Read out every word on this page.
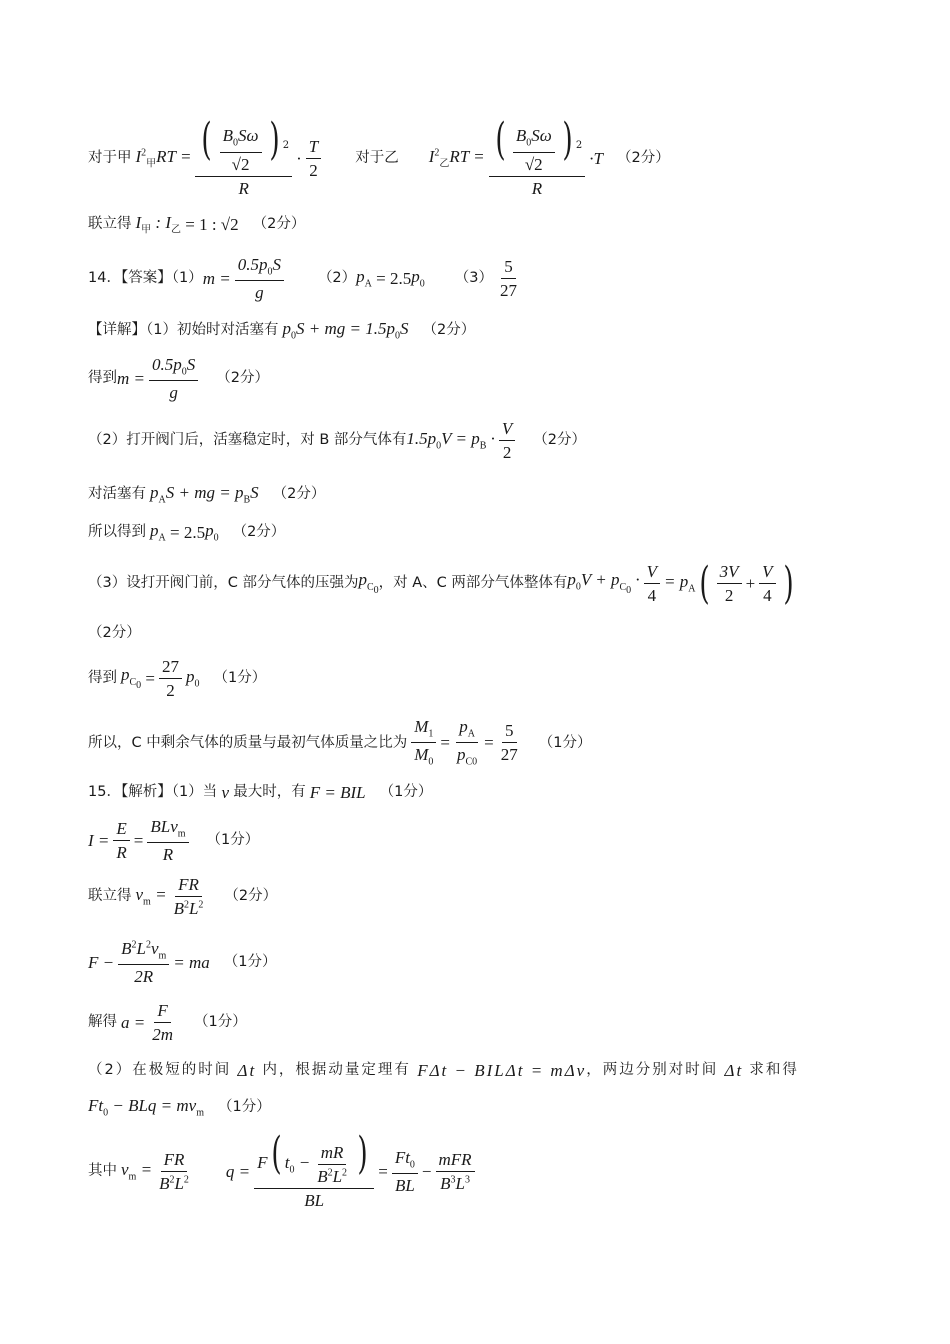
对于甲 $I^2_甲RT = \frac{( \frac{B_0S\omega}{√2} ) ^2}{R} \cdot \frac{T}{2}$ 对于乙 $I^2_乙RT = \frac{( \frac{B_0S\omega}{√2} ) ^2}{R} \cdot T$ （2分）
联立得 $I_甲$ : $I_乙 = 1$ : √2 （2分）
14．【答案】（1） $m = \frac{0.5p_0S}{g} (2) p_A = 2.5$ $p_0$ $(3) \frac{5}{27}$
【详解】（1）初始时对活塞有 $p_0S$ + mg = $1.5p_0S$ （2分）
得到 $m = \frac{0.5p_0S}{g} (2$分）
（2）打开阀门后，活塞稳定时，对 B 部分气体有 $1.5p_0V = p_B \cdot \frac{V}{2} (2$分）
对活塞有 $p_AS$ + mg = $p_BS$ （2分）
所以得到 $p_A = 2.5$ $p_0$ （2分）
（3）设打开阀门前，C 部分气体的压强为 $p_{C_0}$ ，对 A、C 两部分气体整体有 $p_0V + p_{C_0} \cdot \frac{V}{4} = p_A$ ( $\frac{3V}{2} + \frac{V}{4}$ )
（2分）
得到 $p_{C_0} = \frac{27}{2} p_0$ （1分）
所以，C 中剩余气体的质量与最初气体质量之比为 $\frac{M_1}{M_0} = \frac{p_A}{p_{C0}} = \frac{5}{27} (1$分）
15．【解析】（1）当 v 最大时，有 F = BIL （1分）
$I = \frac{E}{R} = \frac{BLv_m}{R} (1$分）
联立得 $v_m = \frac{FR}{B^2L^2} (2$分）
$F - \frac{B^2L^2v_m}{2R}$ = ma （1分）
解得 $a = \frac{F}{2m} (1$分）
（2）在极短的时间 Δt 内，根据动量定理有 FΔt − BILΔt = mΔv ，两边分别对时间 Δt 求和得
$Ft_0$ − BLq = $mv_m$ （1分）
其中 $v_m = \frac{FR}{B^2L^2}$ $q = \frac{F( t_0 - \frac{mR}{B^2L^2} )}{BL} = \frac{Ft_0}{BL} - \frac{\text{mFR}}{B^3L^3}$
